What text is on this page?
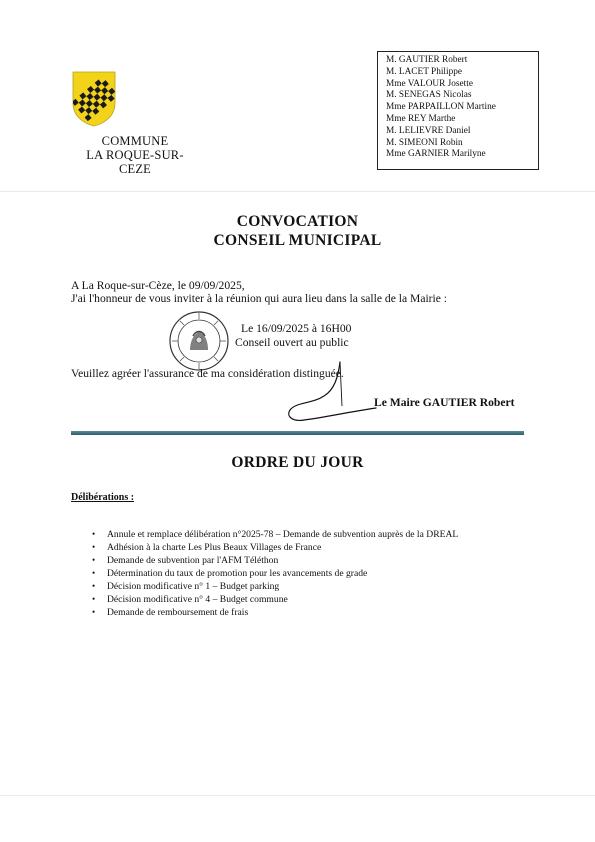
COMMUNE
LA ROQUE-SUR-CEZE
M. GAUTIER Robert
M. LACET Philippe
Mme VALOUR Josette
M. SENEGAS Nicolas
Mme PARPAILLON Martine
Mme REY Marthe
M. LELIEVRE Daniel
M. SIMEONI Robin
Mme GARNIER Marilyne
CONVOCATION
CONSEIL MUNICIPAL
A La Roque-sur-Cèze, le 09/09/2025,
J'ai l'honneur de vous inviter à la réunion qui aura lieu dans la salle de la Mairie :
Le 16/09/2025 à 16H00
Conseil ouvert au public
Veuillez agréer l'assurance de ma considération distinguée.
Le Maire GAUTIER Robert
ORDRE DU JOUR
Délibérations :
• Annule et remplace délibération n°2025-78 – Demande de subvention auprès de la DREAL
• Adhésion à la charte Les Plus Beaux Villages de France
• Demande de subvention par l'AFM Téléthon
• Détermination du taux de promotion pour les avancements de grade
• Décision modificative n° 1 – Budget parking
• Décision modificative n° 4 – Budget commune
• Demande de remboursement de frais
